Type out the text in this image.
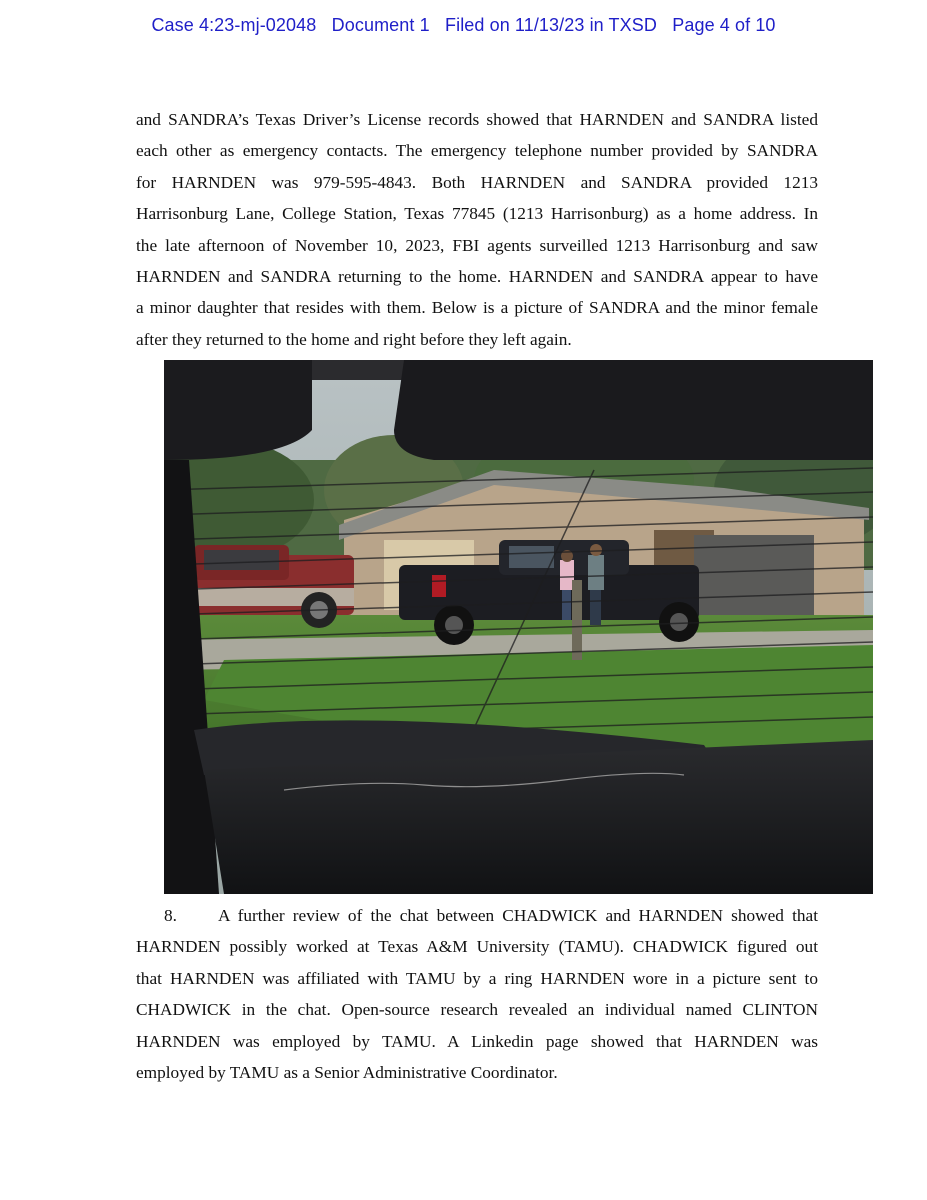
Case 4:23-mj-02048   Document 1   Filed on 11/13/23 in TXSD   Page 4 of 10
and SANDRA’s Texas Driver’s License records showed that HARNDEN and SANDRA listed
each other as emergency contacts. The emergency telephone number provided by SANDRA
for HARNDEN was 979-595-4843. Both HARNDEN and SANDRA provided 1213
Harrisonburg Lane, College Station, Texas 77845 (1213 Harrisonburg) as a home address. In
the late afternoon of November 10, 2023, FBI agents surveilled 1213 Harrisonburg and saw
HARNDEN and SANDRA returning to the home. HARNDEN and SANDRA appear to have
a minor daughter that resides with them. Below is a picture of SANDRA and the minor female
after they returned to the home and right before they left again.
8. A further review of the chat between CHADWICK and HARNDEN showed that
HARNDEN possibly worked at Texas A&M University (TAMU). CHADWICK figured out
that HARNDEN was affiliated with TAMU by a ring HARNDEN wore in a picture sent to
CHADWICK in the chat. Open-source research revealed an individual named CLINTON
HARNDEN was employed by TAMU. A Linkedin page showed that HARNDEN was
employed by TAMU as a Senior Administrative Coordinator.
